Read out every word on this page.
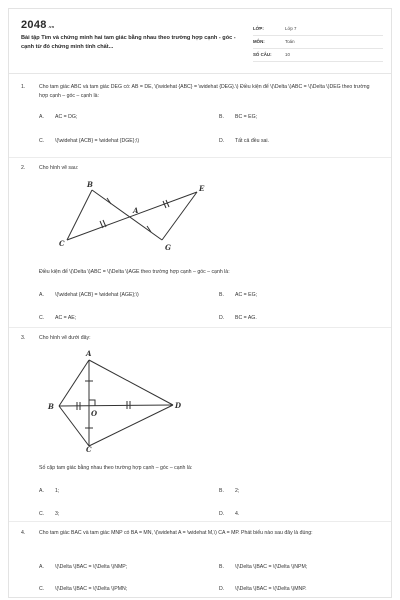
2048.vn
Bài tập Tìm và chứng minh hai tam giác bằng nhau theo trường hợp cạnh - góc - cạnh từ đó chứng minh tính chất...
LỚP:	Lớp 7
MÔN:	Toán
SỐ CÂU:	10
1.	Cho tam giác ABC và tam giác DEG có: AB = DE, \(\widehat {ABC} = \widehat {DEG}.\) Điều kiện để \(\Delta \)ABC = \(\Delta \)DEG theo trường hợp cạnh – góc – cạnh là:
A. AC = DG;	B. BC = EG;
C. \(\widehat {ACB} = \widehat {DGE};\)	D. Tất cả đều sai.
2.	Cho hình vẽ sau:
B	E
A
C	G
Điều kiện để \(\Delta \)ABC = \(\Delta \)AGE theo trường hợp cạnh – góc – cạnh là:
A. \(\widehat {ACB} = \widehat {AGE};\)	B. AC = EG;
C. AC = AE;	D. BC = AG.
3.	Cho hình vẽ dưới đây:
A
B
O
D
C
Số cặp tam giác bằng nhau theo trường hợp cạnh – góc – cạnh là:
A. 1;	B. 2;
C. 3;	D. 4.
4.	Cho tam giác BAC và tam giác MNP có BA = MN, \(\widehat A = \widehat M,\) CA = MP. Phát biểu nào sau đây là đúng:
A. \(\Delta \)BAC = \(\Delta \)NMP;	B. \(\Delta \)BAC = \(\Delta \)NPM;
C. \(\Delta \)BAC = \(\Delta \)PMN;	D. \(\Delta \)BAC = \(\Delta \)MNP.
